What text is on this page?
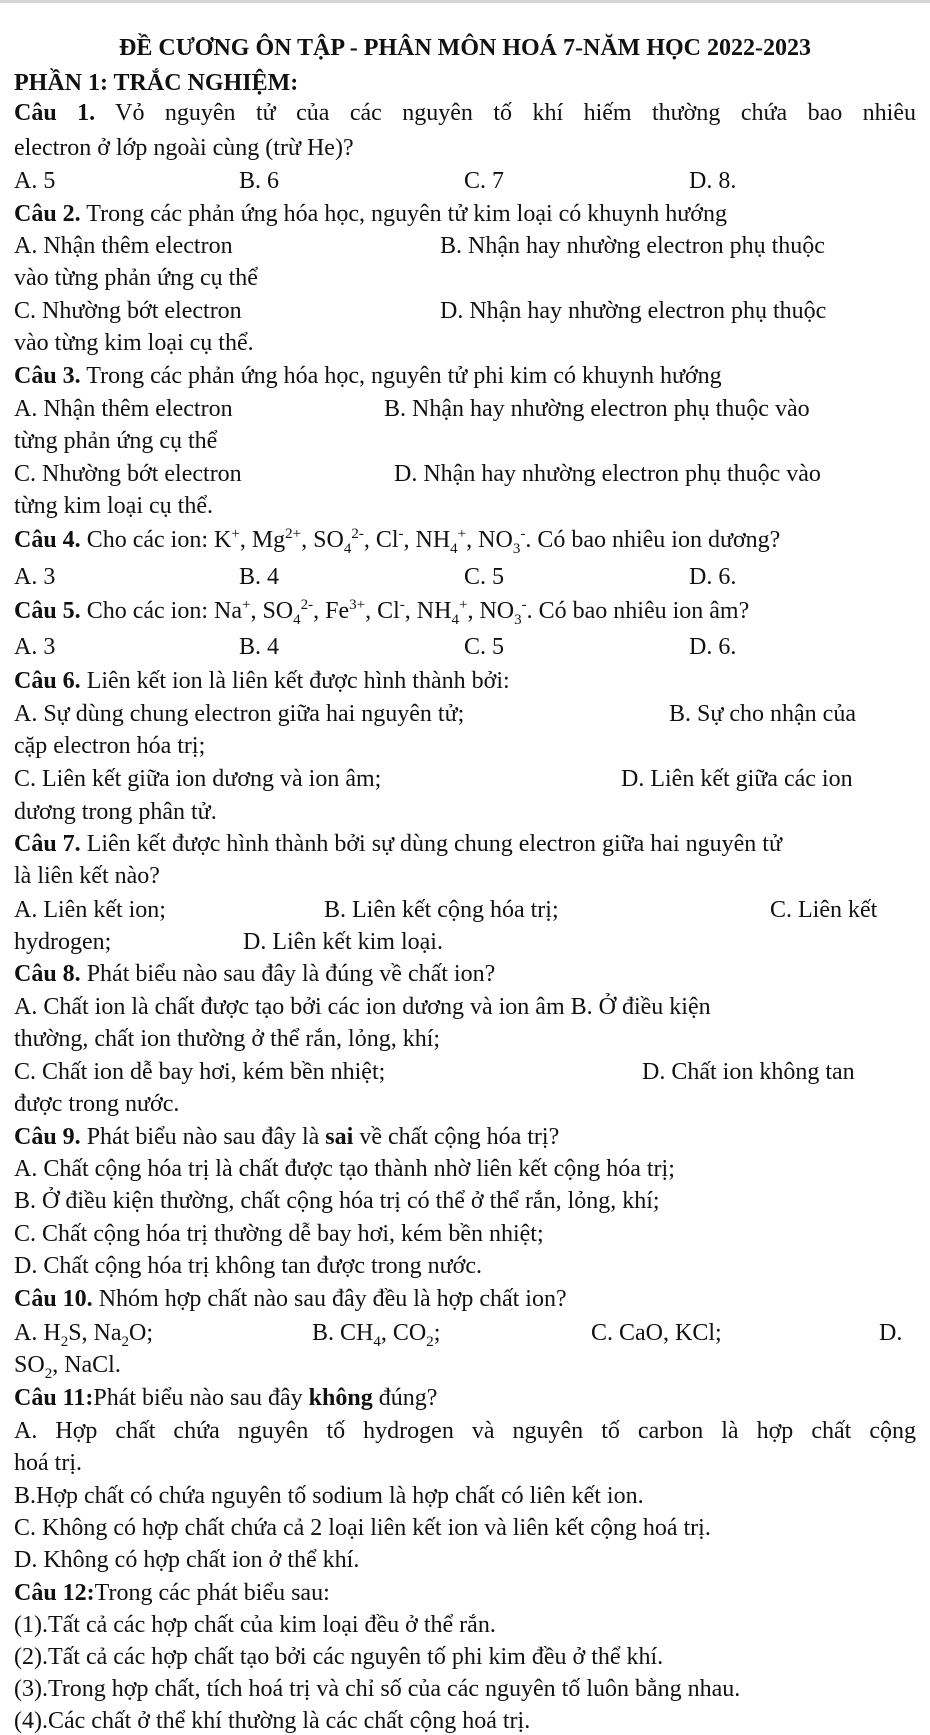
ĐỀ CƯƠNG ÔN TẬP - PHÂN MÔN HOÁ 7-NĂM HỌC 2022-2023
PHẦN 1: TRẮC NGHIỆM:
Câu 1. Vỏ nguyên tử của các nguyên tố khí hiếm thường chứa bao nhiêu
electron ở lớp ngoài cùng (trừ He)?
A. 5	B. 6	C. 7	D. 8.
Câu 2. Trong các phản ứng hóa học, nguyên tử kim loại có khuynh hướng
A. Nhận thêm electron	B. Nhận hay nhường electron phụ thuộc
vào từng phản ứng cụ thể
C. Nhường bớt electron	D. Nhận hay nhường electron phụ thuộc
vào từng kim loại cụ thể.
Câu 3. Trong các phản ứng hóa học, nguyên tử phi kim có khuynh hướng
A. Nhận thêm electron	B. Nhận hay nhường electron phụ thuộc vào
từng phản ứng cụ thể
C. Nhường bớt electron	D. Nhận hay nhường electron phụ thuộc vào
từng kim loại cụ thể.
Câu 4. Cho các ion: K+, $Mg^{2+}$, $SO_4^{2-}$, Cl-, $NH_4^+$, $NO_3^-$. Có bao nhiêu ion dương?
A. 3	B. 4	C. 5	D. 6.
Câu 5. Cho các ion: Na+, $SO_4^{2-}$, $Fe^{3+}$, Cl-, $NH_4^+$, $NO_3^-$. Có bao nhiêu ion âm?
A. 3	B. 4	C. 5	D. 6.
Câu 6. Liên kết ion là liên kết được hình thành bởi:
A. Sự dùng chung electron giữa hai nguyên tử;	B. Sự cho nhận của
cặp electron hóa trị;
C. Liên kết giữa ion dương và ion âm;	D. Liên kết giữa các ion
dương trong phân tử.
Câu 7. Liên kết được hình thành bởi sự dùng chung electron giữa hai nguyên tử
là liên kết nào?
A. Liên kết ion;	B. Liên kết cộng hóa trị;	C. Liên kết
hydrogen;	D. Liên kết kim loại.
Câu 8. Phát biểu nào sau đây là đúng về chất ion?
A. Chất ion là chất được tạo bởi các ion dương và ion âm B. Ở điều kiện
thường, chất ion thường ở thể rắn, lỏng, khí;
C. Chất ion dễ bay hơi, kém bền nhiệt;	D. Chất ion không tan
được trong nước.
Câu 9. Phát biểu nào sau đây là sai về chất cộng hóa trị?
A. Chất cộng hóa trị là chất được tạo thành nhờ liên kết cộng hóa trị;
B. Ở điều kiện thường, chất cộng hóa trị có thể ở thể rắn, lỏng, khí;
C. Chất cộng hóa trị thường dễ bay hơi, kém bền nhiệt;
D. Chất cộng hóa trị không tan được trong nước.
Câu 10. Nhóm hợp chất nào sau đây đều là hợp chất ion?
A. $H_2S$, $Na_2O$;	B. $CH_4$, $CO_2$;	C. CaO, KCl;	D.
$SO_2$, NaCl.
Câu 11:Phát biểu nào sau đây không đúng?
A. Hợp chất chứa nguyên tố hydrogen và nguyên tố carbon là hợp chất cộng
hoá trị.
B.Hợp chất có chứa nguyên tố sodium là hợp chất có liên kết ion.
C. Không có hợp chất chứa cả 2 loại liên kết ion và liên kết cộng hoá trị.
D. Không có hợp chất ion ở thể khí.
Câu 12:Trong các phát biểu sau:
(1).Tất cả các hợp chất của kim loại đều ở thể rắn.
(2).Tất cả các hợp chất tạo bởi các nguyên tố phi kim đều ở thể khí.
(3).Trong hợp chất, tích hoá trị và chỉ số của các nguyên tố luôn bằng nhau.
(4).Các chất ở thể khí thường là các chất cộng hoá trị.
